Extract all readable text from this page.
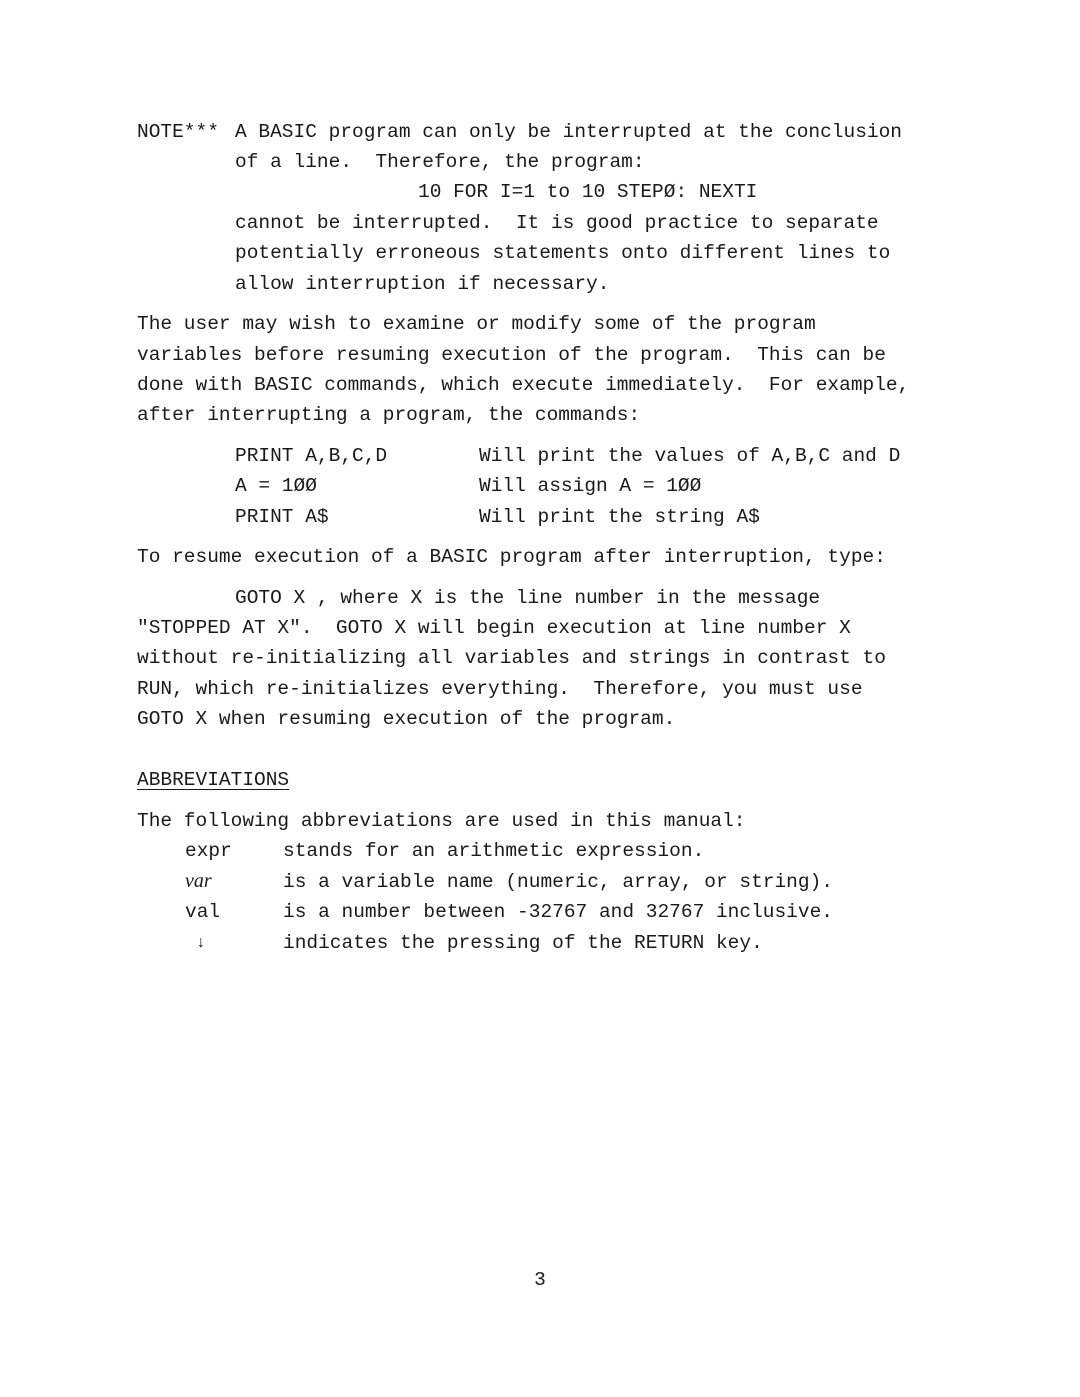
NOTE*** A BASIC program can only be interrupted at the conclusion
of a line.  Therefore, the program:
10 FOR I=1 to 10 STEPØ: NEXTI
cannot be interrupted.  It is good practice to separate
potentially erroneous statements onto different lines to
allow interruption if necessary.
The user may wish to examine or modify some of the program
variables before resuming execution of the program.  This can be
done with BASIC commands, which execute immediately.  For example,
after interrupting a program, the commands:
PRINT A,B,C,D	Will print the values of A,B,C and D
A = 1ØØ	Will assign A = 1ØØ
PRINT A$	Will print the string A$
To resume execution of a BASIC program after interruption, type:
GOTO X , where X is the line number in the message
"STOPPED AT X".  GOTO X will begin execution at line number X
without re-initializing all variables and strings in contrast to
RUN, which re-initializes everything.  Therefore, you must use
GOTO X when resuming execution of the program.
ABBREVIATIONS
The following abbreviations are used in this manual:
expr	stands for an arithmetic expression.
var	is a variable name (numeric, array, or string).
val	is a number between -32767 and 32767 inclusive.
↓	indicates the pressing of the RETURN key.
3
